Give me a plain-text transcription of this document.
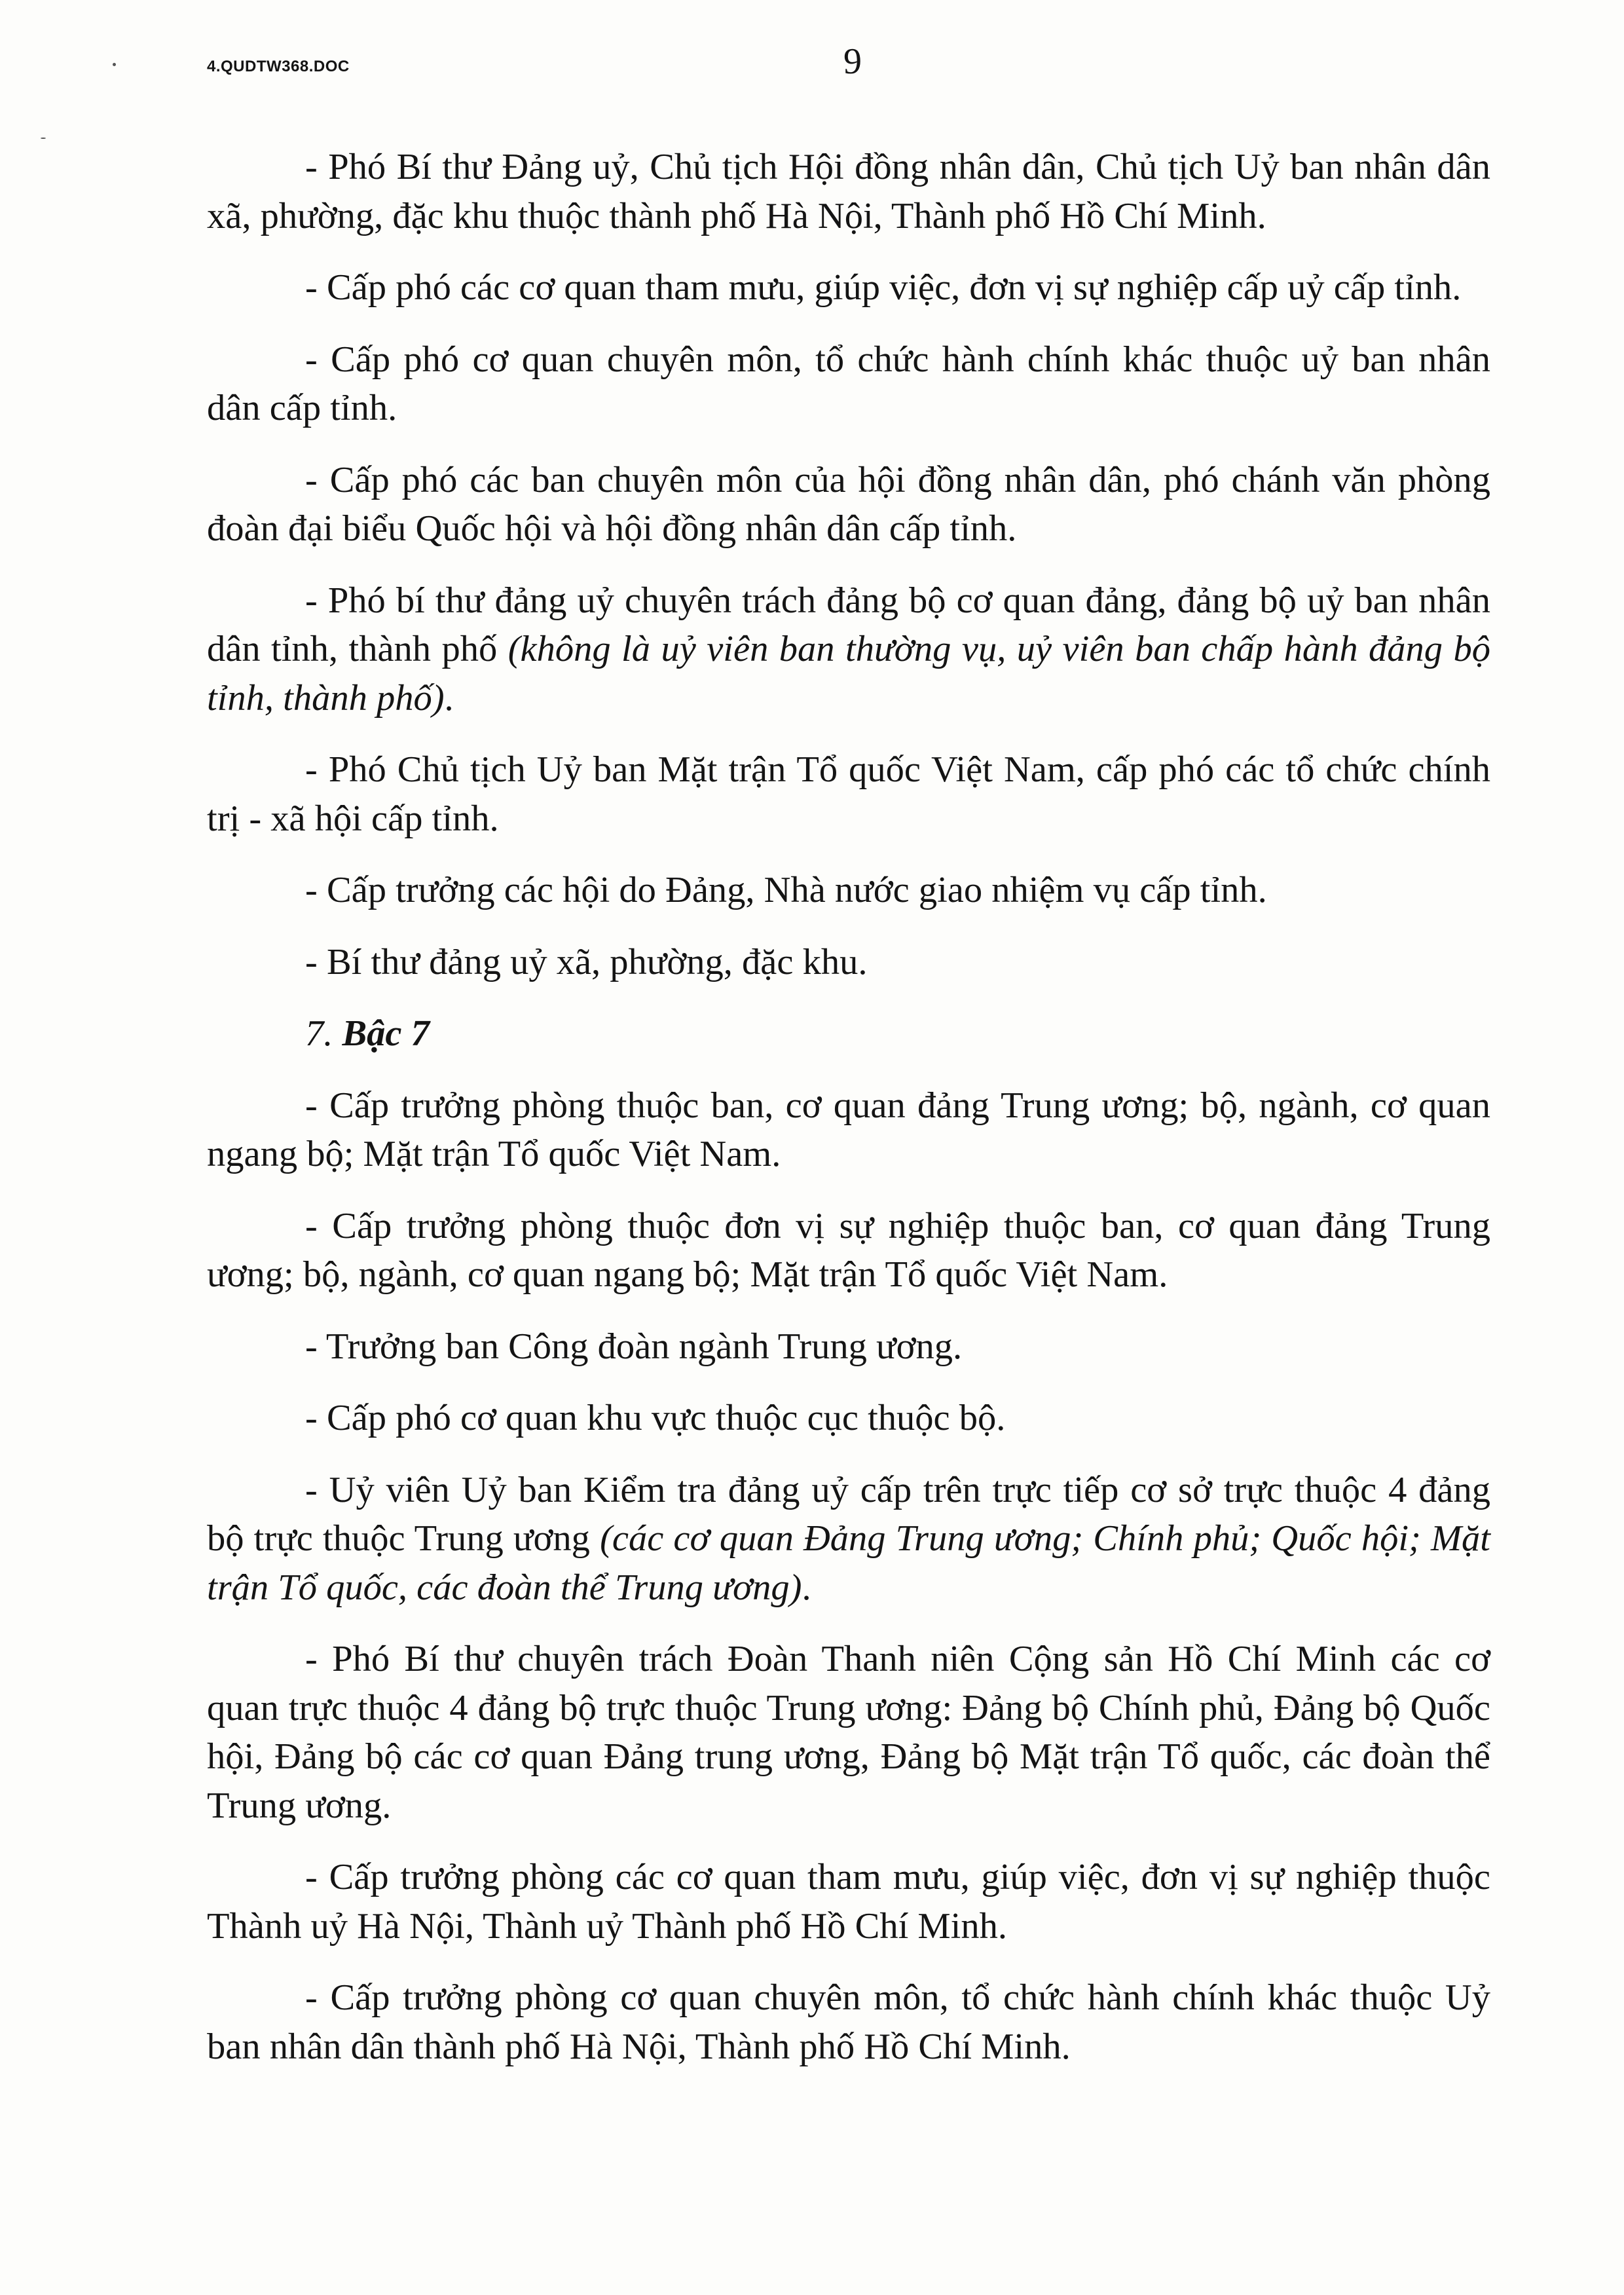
4.QUDTW368.DOC	9

- Phó Bí thư Đảng uỷ, Chủ tịch Hội đồng nhân dân, Chủ tịch Uỷ ban nhân dân xã, phường, đặc khu thuộc thành phố Hà Nội, Thành phố Hồ Chí Minh.

- Cấp phó các cơ quan tham mưu, giúp việc, đơn vị sự nghiệp cấp uỷ cấp tỉnh.

- Cấp phó cơ quan chuyên môn, tổ chức hành chính khác thuộc uỷ ban nhân dân cấp tỉnh.

- Cấp phó các ban chuyên môn của hội đồng nhân dân, phó chánh văn phòng đoàn đại biểu Quốc hội và hội đồng nhân dân cấp tỉnh.

- Phó bí thư đảng uỷ chuyên trách đảng bộ cơ quan đảng, đảng bộ uỷ ban nhân dân tỉnh, thành phố (không là uỷ viên ban thường vụ, uỷ viên ban chấp hành đảng bộ tỉnh, thành phố).

- Phó Chủ tịch Uỷ ban Mặt trận Tổ quốc Việt Nam, cấp phó các tổ chức chính trị - xã hội cấp tỉnh.

- Cấp trưởng các hội do Đảng, Nhà nước giao nhiệm vụ cấp tỉnh.

- Bí thư đảng uỷ xã, phường, đặc khu.

7. Bậc 7

- Cấp trưởng phòng thuộc ban, cơ quan đảng Trung ương; bộ, ngành, cơ quan ngang bộ; Mặt trận Tổ quốc Việt Nam.

- Cấp trưởng phòng thuộc đơn vị sự nghiệp thuộc ban, cơ quan đảng Trung ương; bộ, ngành, cơ quan ngang bộ; Mặt trận Tổ quốc Việt Nam.

- Trưởng ban Công đoàn ngành Trung ương.

- Cấp phó cơ quan khu vực thuộc cục thuộc bộ.

- Uỷ viên Uỷ ban Kiểm tra đảng uỷ cấp trên trực tiếp cơ sở trực thuộc 4 đảng bộ trực thuộc Trung ương (các cơ quan Đảng Trung ương; Chính phủ; Quốc hội; Mặt trận Tổ quốc, các đoàn thể Trung ương).

- Phó Bí thư chuyên trách Đoàn Thanh niên Cộng sản Hồ Chí Minh các cơ quan trực thuộc 4 đảng bộ trực thuộc Trung ương: Đảng bộ Chính phủ, Đảng bộ Quốc hội, Đảng bộ các cơ quan Đảng trung ương, Đảng bộ Mặt trận Tổ quốc, các đoàn thể Trung ương.

- Cấp trưởng phòng các cơ quan tham mưu, giúp việc, đơn vị sự nghiệp thuộc Thành uỷ Hà Nội, Thành uỷ Thành phố Hồ Chí Minh.

- Cấp trưởng phòng cơ quan chuyên môn, tổ chức hành chính khác thuộc Uỷ ban nhân dân thành phố Hà Nội, Thành phố Hồ Chí Minh.
